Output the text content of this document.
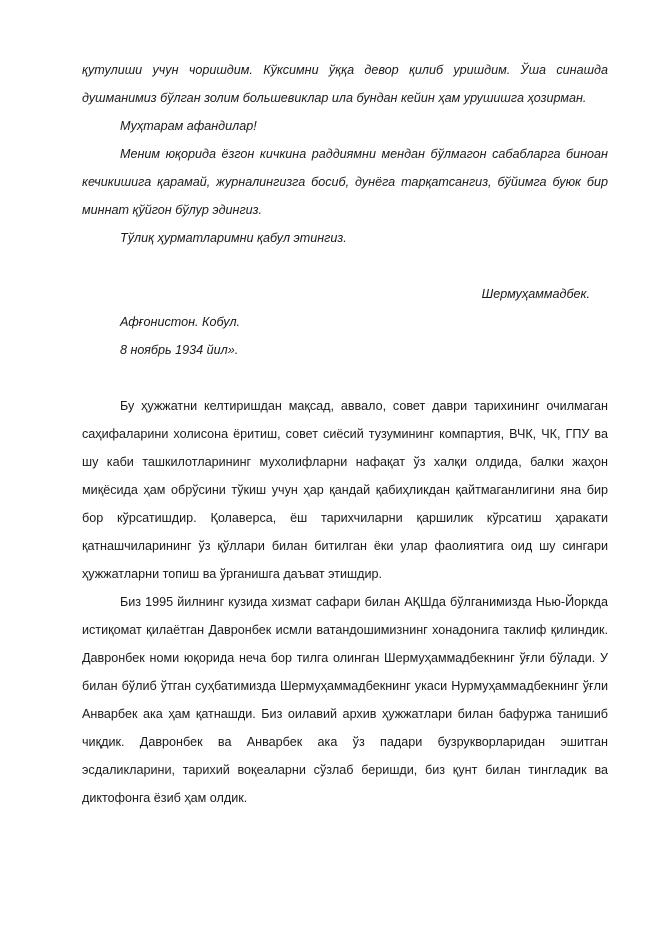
қутулиши учун чоришдим. Кўксимни ўққа девор қилиб уришдим. Ўша синашда душманимиз бўлган золим большевиклар ила бундан кейин ҳам урушишга ҳозирман.

Муҳтарам афандилар!

Меним юқорида ёзгон кичкина раддиямни мендан бўлмагон сабабларга биноан кечикишига қарамай, журналингизга босиб, дунёга тарқатсангиз, бўйимга буюк бир миннат қўйгон бўлур эдингиз.

Тўлиқ ҳурматларимни қабул этингиз.

Шермуҳаммадбек.

Афғонистон. Кобул.

8 ноябрь 1934 йил».

Бу ҳужжатни келтиришдан мақсад, аввало, совет даври тарихининг очилмаган саҳифаларини холисона ёритиш, совет сиёсий тузумининг компартия, ВЧК, ЧК, ГПУ ва шу каби ташкилотларининг мухолифларни нафақат ўз халқи олдида, балки жаҳон миқёсида ҳам обрўсини тўкиш учун ҳар қандай қабиҳликдан қайтмаганлигини яна бир бор кўрсатишдир. Қолаверса, ёш тарихчиларни қаршилик кўрсатиш ҳаракати қатнашчиларининг ўз қўллари билан битилган ёки улар фаолиятига оид шу сингари ҳужжатларни топиш ва ўрганишга даъват этишдир.

Биз 1995 йилнинг кузида хизмат сафари билан АҚШда бўлганимизда Нью-Йоркда истиқомат қилаётган Давронбек исмли ватандошимизнинг хонадонига таклиф қилиндик. Давронбек номи юқорида неча бор тилга олинган Шермуҳаммадбекнинг ўғли бўлади. У билан бўлиб ўтган суҳбатимизда Шермуҳаммадбекнинг укаси Нурмуҳаммадбекнинг ўғли Анварбек ака ҳам қатнашди. Биз оилавий архив ҳужжатлари билан бафуржа танишиб чиқдик. Давронбек ва Анварбек ака ўз падари бузрукворларидан эшитган эсдаликларини, тарихий воқеаларни сўзлаб беришди, биз қунт билан тингладик ва диктофонга ёзиб ҳам олдик.
